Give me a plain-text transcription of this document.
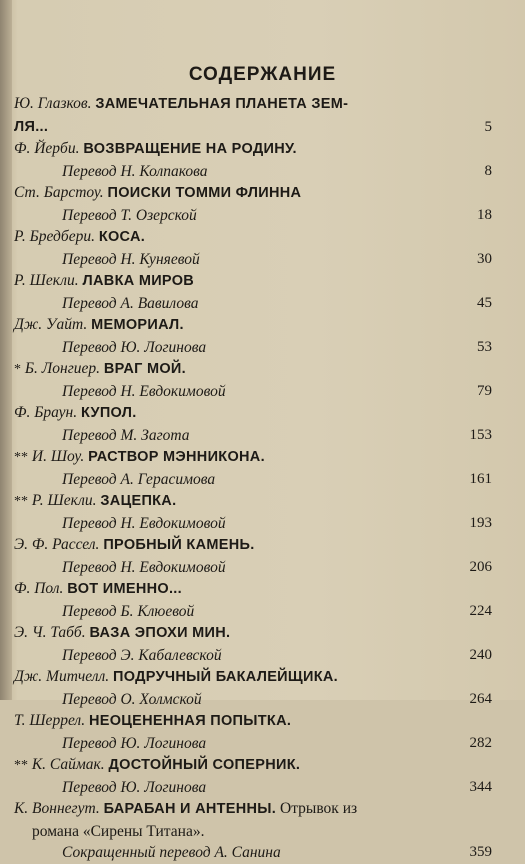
СОДЕРЖАНИЕ
Ю. Глазков. ЗАМЕЧАТЕЛЬНАЯ ПЛАНЕТА ЗЕМ-
ЛЯ...	5
Ф. Йерби. ВОЗВРАЩЕНИЕ НА РОДИНУ.
Перевод Н. Колпакова	8
Ст. Барстоу. ПОИСКИ ТОММИ ФЛИННА
Перевод Т. Озерской	18
Р. Бредбери. КОСА.
Перевод Н. Куняевой	30
Р. Шекли. ЛАВКА МИРОВ
Перевод А. Вавилова	45
Дж. Уайт. МЕМОРИАЛ.
Перевод Ю. Логинова	53
* Б. Лонгиер. ВРАГ МОЙ.
Перевод Н. Евдокимовой	79
Ф. Браун. КУПОЛ.
Перевод М. Загота	153
** И. Шоу. РАСТВОР МЭННИКОНА.
Перевод А. Герасимова	161
** Р. Шекли. ЗАЦЕПКА.
Перевод Н. Евдокимовой	193
Э. Ф. Рассел. ПРОБНЫЙ КАМЕНЬ.
Перевод Н. Евдокимовой	206
Ф. Пол. ВОТ ИМЕННО...
Перевод Б. Клюевой	224
Э. Ч. Табб. ВАЗА ЭПОХИ МИН.
Перевод Э. Кабалевской	240
Дж. Митчелл. ПОДРУЧНЫЙ БАКАЛЕЙЩИКА.
Перевод О. Холмской	264
Т. Шеррел. НЕОЦЕНЕННАЯ ПОПЫТКА.
Перевод Ю. Логинова	282
** К. Саймак. ДОСТОЙНЫЙ СОПЕРНИК.
Перевод Ю. Логинова	344
К. Воннегут. БАРАБАН И АНТЕННЫ. Отрывок из
романа «Сирены Титана».
Сокращенный перевод А. Санина	359
